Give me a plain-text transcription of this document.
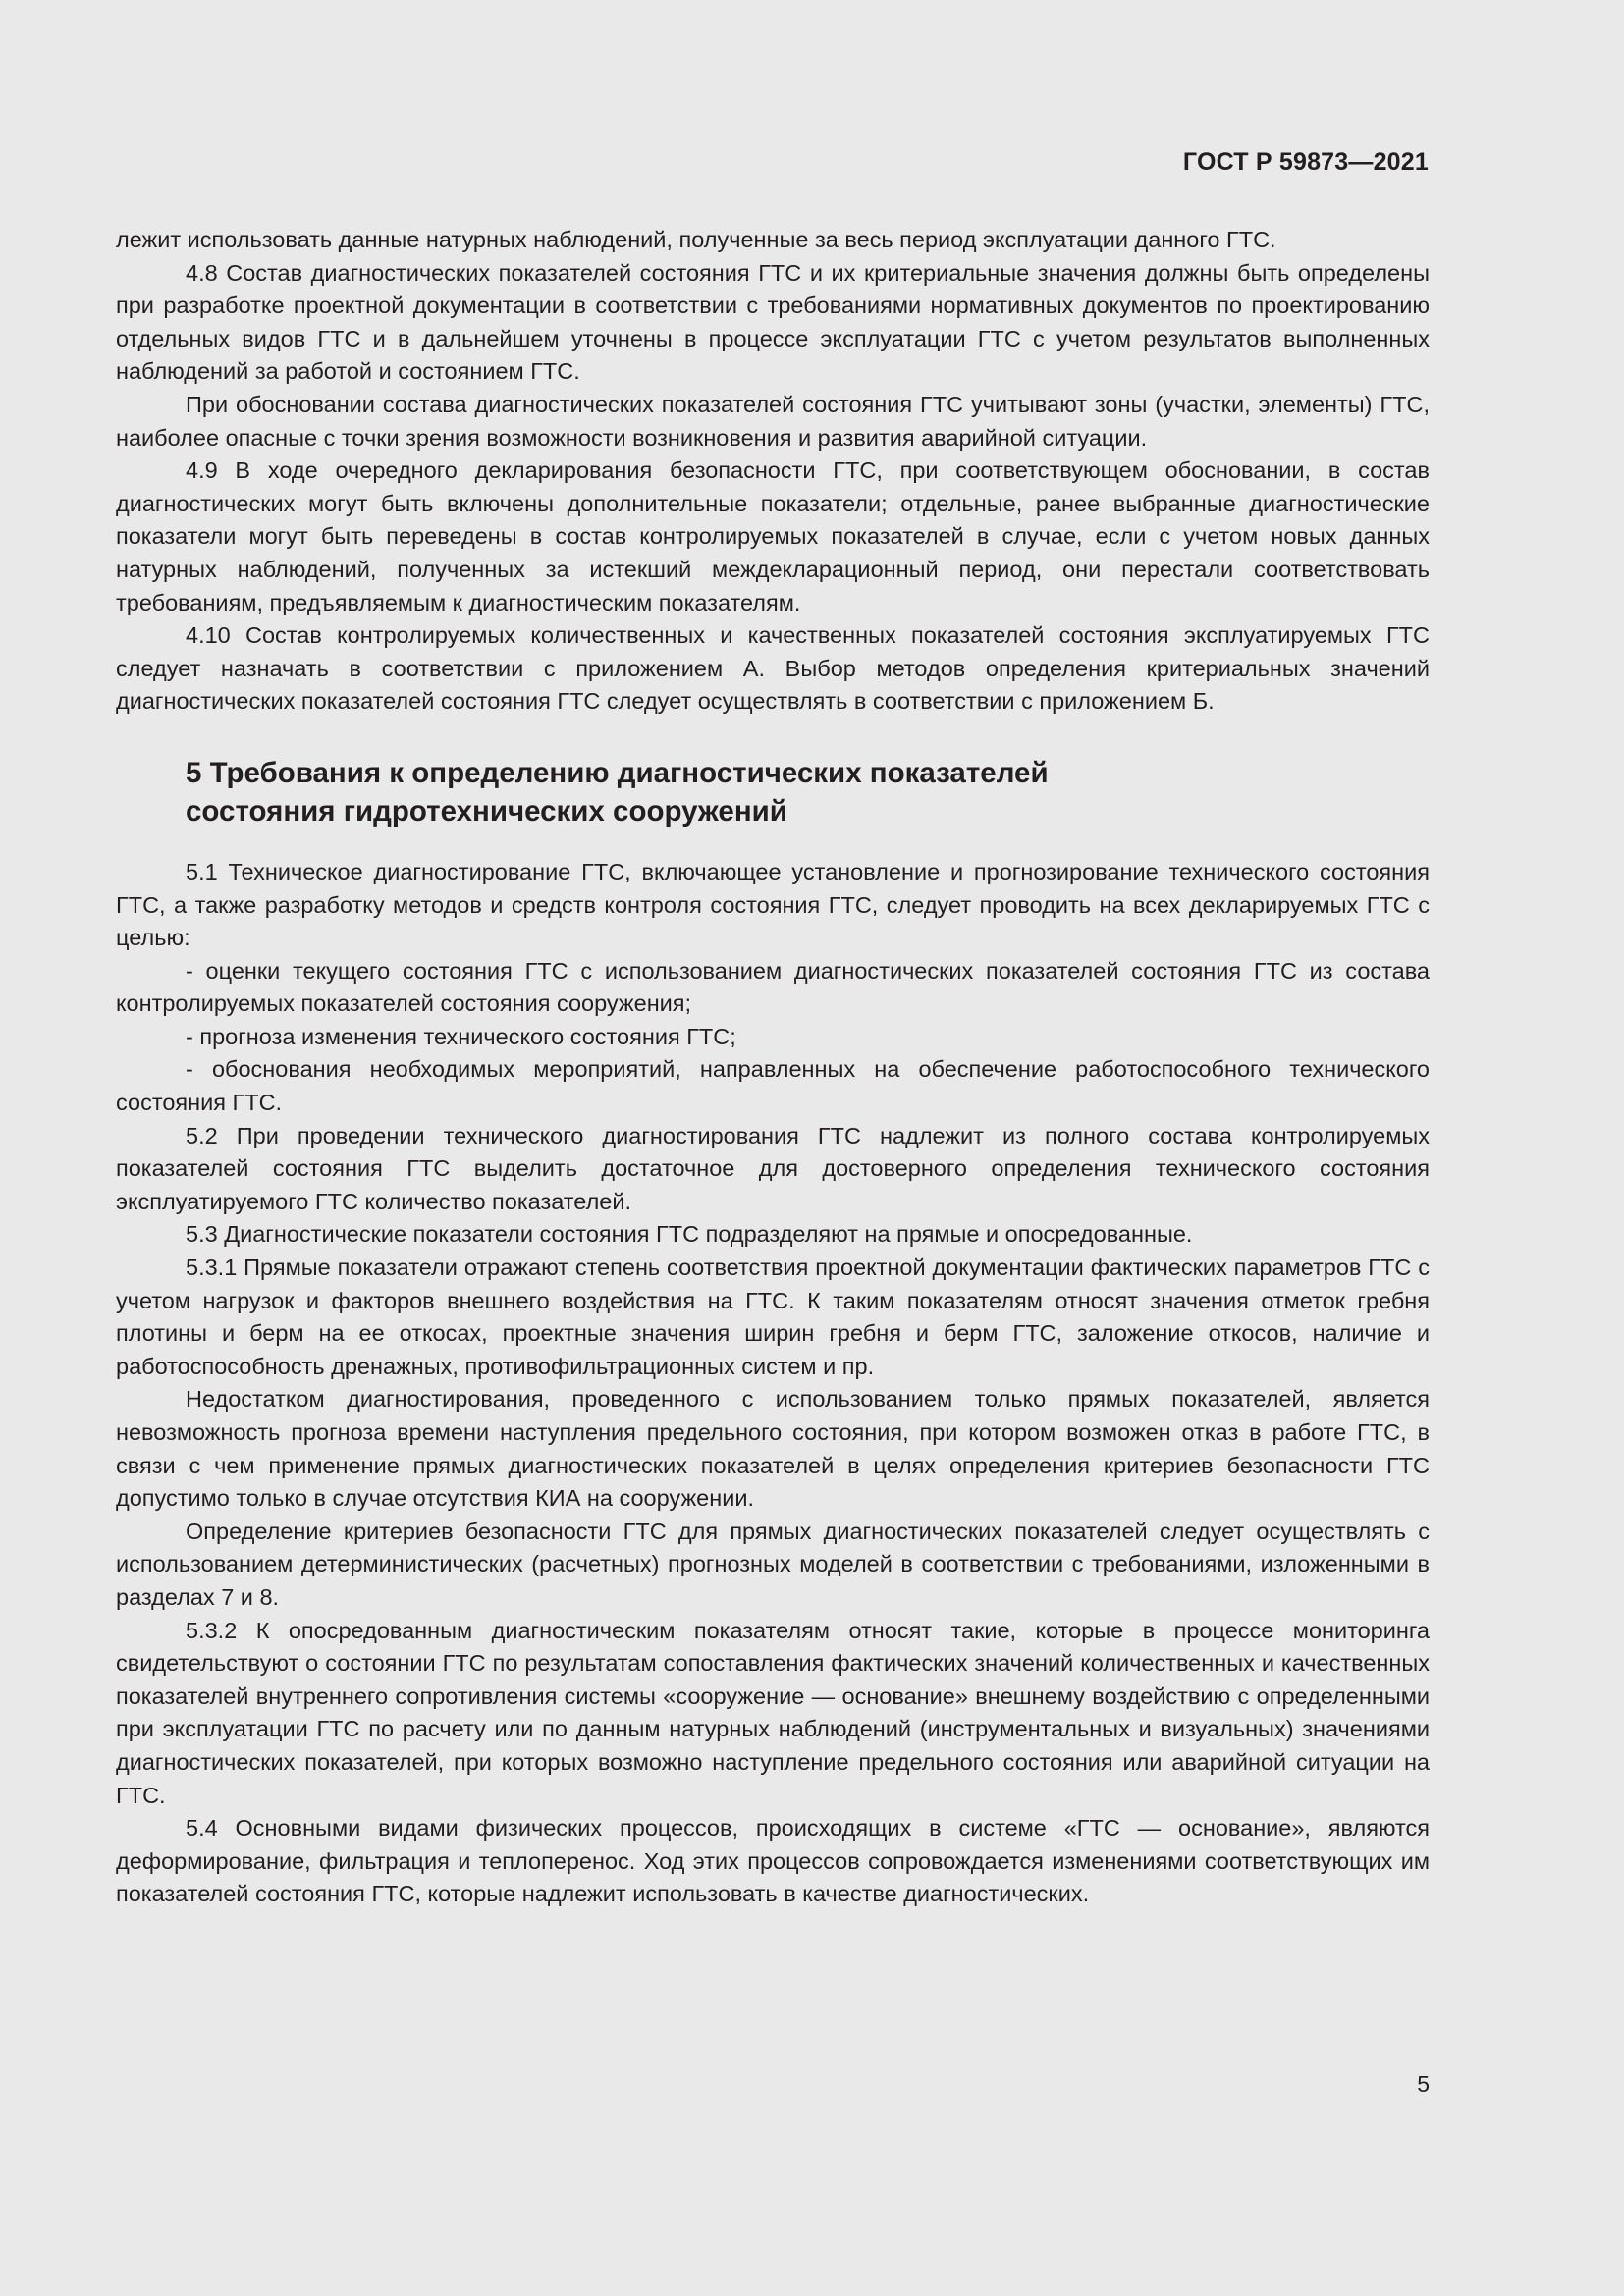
ГОСТ Р 59873—2021

лежит использовать данные натурных наблюдений, полученные за весь период эксплуатации данного ГТС.

4.8 Состав диагностических показателей состояния ГТС и их критериальные значения должны быть определены при разработке проектной документации в соответствии с требованиями нормативных документов по проектированию отдельных видов ГТС и в дальнейшем уточнены в процессе эксплуатации ГТС с учетом результатов выполненных наблюдений за работой и состоянием ГТС.

При обосновании состава диагностических показателей состояния ГТС учитывают зоны (участки, элементы) ГТС, наиболее опасные с точки зрения возможности возникновения и развития аварийной ситуации.

4.9 В ходе очередного декларирования безопасности ГТС, при соответствующем обосновании, в состав диагностических могут быть включены дополнительные показатели; отдельные, ранее выбранные диагностические показатели могут быть переведены в состав контролируемых показателей в случае, если с учетом новых данных натурных наблюдений, полученных за истекший междекларационный период, они перестали соответствовать требованиям, предъявляемым к диагностическим показателям.

4.10 Состав контролируемых количественных и качественных показателей состояния эксплуатируемых ГТС следует назначать в соответствии с приложением А. Выбор методов определения критериальных значений диагностических показателей состояния ГТС следует осуществлять в соответствии с приложением Б.

5 Требования к определению диагностических показателей
состояния гидротехнических сооружений

5.1 Техническое диагностирование ГТС, включающее установление и прогнозирование технического состояния ГТС, а также разработку методов и средств контроля состояния ГТС, следует проводить на всех декларируемых ГТС с целью:

- оценки текущего состояния ГТС с использованием диагностических показателей состояния ГТС из состава контролируемых показателей состояния сооружения;

- прогноза изменения технического состояния ГТС;

- обоснования необходимых мероприятий, направленных на обеспечение работоспособного технического состояния ГТС.

5.2 При проведении технического диагностирования ГТС надлежит из полного состава контролируемых показателей состояния ГТС выделить достаточное для достоверного определения технического состояния эксплуатируемого ГТС количество показателей.

5.3 Диагностические показатели состояния ГТС подразделяют на прямые и опосредованные.

5.3.1 Прямые показатели отражают степень соответствия проектной документации фактических параметров ГТС с учетом нагрузок и факторов внешнего воздействия на ГТС. К таким показателям относят значения отметок гребня плотины и берм на ее откосах, проектные значения ширин гребня и берм ГТС, заложение откосов, наличие и работоспособность дренажных, противофильтрационных систем и пр.

Недостатком диагностирования, проведенного с использованием только прямых показателей, является невозможность прогноза времени наступления предельного состояния, при котором возможен отказ в работе ГТС, в связи с чем применение прямых диагностических показателей в целях определения критериев безопасности ГТС допустимо только в случае отсутствия КИА на сооружении.

Определение критериев безопасности ГТС для прямых диагностических показателей следует осуществлять с использованием детерминистических (расчетных) прогнозных моделей в соответствии с требованиями, изложенными в разделах 7 и 8.

5.3.2 К опосредованным диагностическим показателям относят такие, которые в процессе мониторинга свидетельствуют о состоянии ГТС по результатам сопоставления фактических значений количественных и качественных показателей внутреннего сопротивления системы «сооружение — основание» внешнему воздействию с определенными при эксплуатации ГТС по расчету или по данным натурных наблюдений (инструментальных и визуальных) значениями диагностических показателей, при которых возможно наступление предельного состояния или аварийной ситуации на ГТС.

5.4 Основными видами физических процессов, происходящих в системе «ГТС — основание», являются деформирование, фильтрация и теплоперенос. Ход этих процессов сопровождается изменениями соответствующих им показателей состояния ГТС, которые надлежит использовать в качестве диагностических.

5
